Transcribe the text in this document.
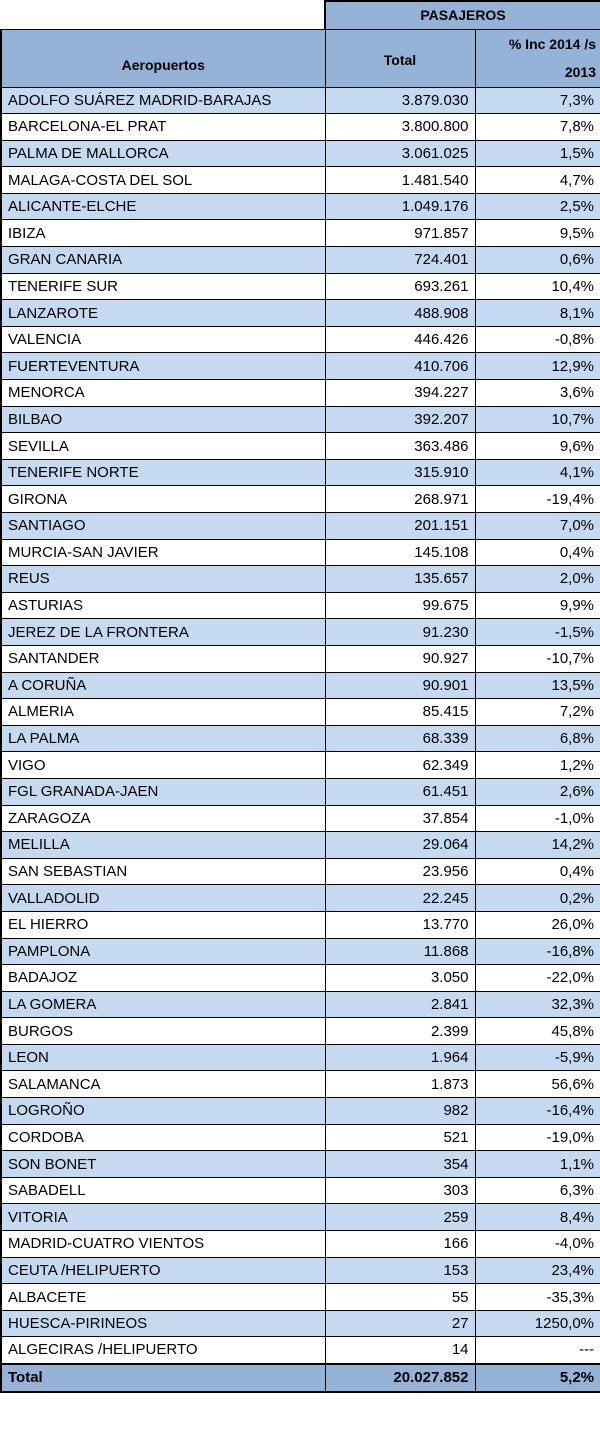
	PASAJEROS	
Aeropuertos	Total	% Inc 2014 /s 2013
ADOLFO SUÁREZ MADRID-BARAJAS	3.879.030	7,3%
BARCELONA-EL PRAT	3.800.800	7,8%
PALMA DE MALLORCA	3.061.025	1,5%
MALAGA-COSTA DEL SOL	1.481.540	4,7%
ALICANTE-ELCHE	1.049.176	2,5%
IBIZA	971.857	9,5%
GRAN CANARIA	724.401	0,6%
TENERIFE SUR	693.261	10,4%
LANZAROTE	488.908	8,1%
VALENCIA	446.426	-0,8%
FUERTEVENTURA	410.706	12,9%
MENORCA	394.227	3,6%
BILBAO	392.207	10,7%
SEVILLA	363.486	9,6%
TENERIFE NORTE	315.910	4,1%
GIRONA	268.971	-19,4%
SANTIAGO	201.151	7,0%
MURCIA-SAN JAVIER	145.108	0,4%
REUS	135.657	2,0%
ASTURIAS	99.675	9,9%
JEREZ DE LA FRONTERA	91.230	-1,5%
SANTANDER	90.927	-10,7%
A CORUÑA	90.901	13,5%
ALMERIA	85.415	7,2%
LA PALMA	68.339	6,8%
VIGO	62.349	1,2%
FGL GRANADA-JAEN	61.451	2,6%
ZARAGOZA	37.854	-1,0%
MELILLA	29.064	14,2%
SAN SEBASTIAN	23.956	0,4%
VALLADOLID	22.245	0,2%
EL HIERRO	13.770	26,0%
PAMPLONA	11.868	-16,8%
BADAJOZ	3.050	-22,0%
LA GOMERA	2.841	32,3%
BURGOS	2.399	45,8%
LEON	1.964	-5,9%
SALAMANCA	1.873	56,6%
LOGROÑO	982	-16,4%
CORDOBA	521	-19,0%
SON BONET	354	1,1%
SABADELL	303	6,3%
VITORIA	259	8,4%
MADRID-CUATRO VIENTOS	166	-4,0%
CEUTA /HELIPUERTO	153	23,4%
ALBACETE	55	-35,3%
HUESCA-PIRINEOS	27	1250,0%
ALGECIRAS /HELIPUERTO	14	---
Total	20.027.852	5,2%
